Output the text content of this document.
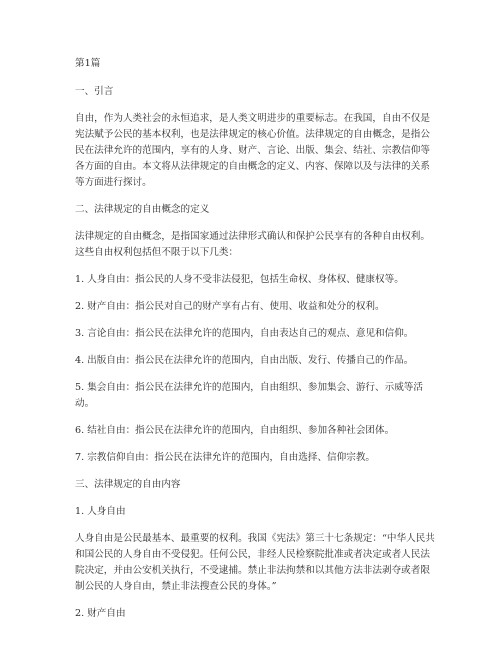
第1篇

一、引言

自由，作为人类社会的永恒追求，是人类文明进步的重要标志。在我国，自由不仅是宪法赋予公民的基本权利，也是法律规定的核心价值。法律规定的自由概念，是指公民在法律允许的范围内，享有的人身、财产、言论、出版、集会、结社、宗教信仰等各方面的自由。本文将从法律规定的自由概念的定义、内容、保障以及与法律的关系等方面进行探讨。

二、法律规定的自由概念的定义

法律规定的自由概念，是指国家通过法律形式确认和保护公民享有的各种自由权利。这些自由权利包括但不限于以下几类：

1. 人身自由：指公民的人身不受非法侵犯，包括生命权、身体权、健康权等。

2. 财产自由：指公民对自己的财产享有占有、使用、收益和处分的权利。

3. 言论自由：指公民在法律允许的范围内，自由表达自己的观点、意见和信仰。

4. 出版自由：指公民在法律允许的范围内，自由出版、发行、传播自己的作品。

5. 集会自由：指公民在法律允许的范围内，自由组织、参加集会、游行、示威等活动。

6. 结社自由：指公民在法律允许的范围内，自由组织、参加各种社会团体。

7. 宗教信仰自由：指公民在法律允许的范围内，自由选择、信仰宗教。

三、法律规定的自由内容

1. 人身自由

人身自由是公民最基本、最重要的权利。我国《宪法》第三十七条规定：“中华人民共和国公民的人身自由不受侵犯。任何公民，非经人民检察院批准或者决定或者人民法院决定，并由公安机关执行，不受逮捕。禁止非法拘禁和以其他方法非法剥夺或者限制公民的人身自由，禁止非法搜查公民的身体。”

2. 财产自由
